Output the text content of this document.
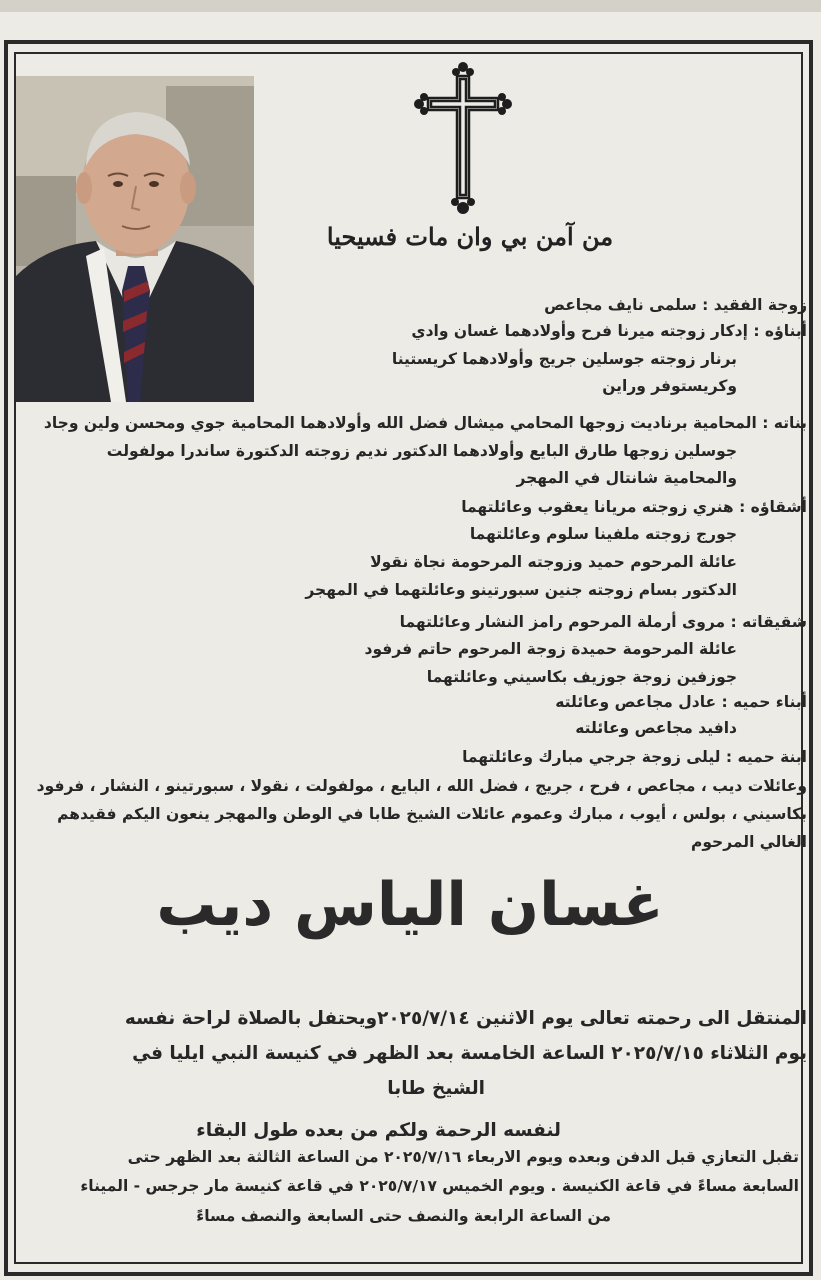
من آمن بي وان مات فسيحيا
زوجة الفقيد : سلمى نايف مجاعص
أبناؤه : إدكار زوجته ميرنا فرح وأولادهما غسان وادي
برنار زوجته جوسلين جريج وأولادهما كريستينا
وكريستوفر وراين
بناته : المحامية برناديت زوجها المحامي ميشال فضل الله وأولادهما المحامية جوي ومحسن ولين وجاد
جوسلين زوجها طارق البايع وأولادهما الدكتور نديم زوجته الدكتورة ساندرا مولفولت
والمحامية شانتال في المهجر
أشقاؤه : هنري زوجته مريانا يعقوب وعائلتهما
جورج زوجته ملفينا سلوم وعائلتهما
عائلة المرحوم حميد وزوجته المرحومة نجاة نقولا
الدكتور بسام زوجته جنين سبورتينو وعائلتهما في المهجر
شقيقاته : مروى أرملة المرحوم رامز النشار وعائلتهما
عائلة المرحومة حميدة زوجة المرحوم حاتم فرفود
جوزفين زوجة جوزيف بكاسيني وعائلتهما
أبناء حميه : عادل مجاعص وعائلته
دافيد مجاعص وعائلته
ابنة حميه : ليلى زوجة جرجي مبارك وعائلتهما
وعائلات ديب ، مجاعص ، فرح ، جريج ، فضل الله ، البايع ، مولفولت ، نقولا ، سبورتينو ، النشار ، فرفود
بكاسيني ، بولس ، أيوب ، مبارك وعموم عائلات الشيخ طابا في الوطن والمهجر ينعون اليكم فقيدهم
الغالي المرحوم
غسان الياس ديب
المنتقل الى رحمته تعالى يوم الاثنين ٢٠٢٥/٧/١٤ويحتفل بالصلاة لراحة نفسه
يوم الثلاثاء ٢٠٢٥/٧/١٥ الساعة الخامسة بعد الظهر في كنيسة النبي ايليا في
الشيخ طابا
لنفسه الرحمة ولكم من بعده طول البقاء
تقبل التعازي قبل الدفن وبعده ويوم الاربعاء ٢٠٢٥/٧/١٦ من الساعة الثالثة بعد الظهر حتى
السابعة مساءً في قاعة الكنيسة . ويوم الخميس ٢٠٢٥/٧/١٧ في قاعة كنيسة مار جرجس - الميناء
من الساعة الرابعة والنصف حتى السابعة والنصف مساءً
